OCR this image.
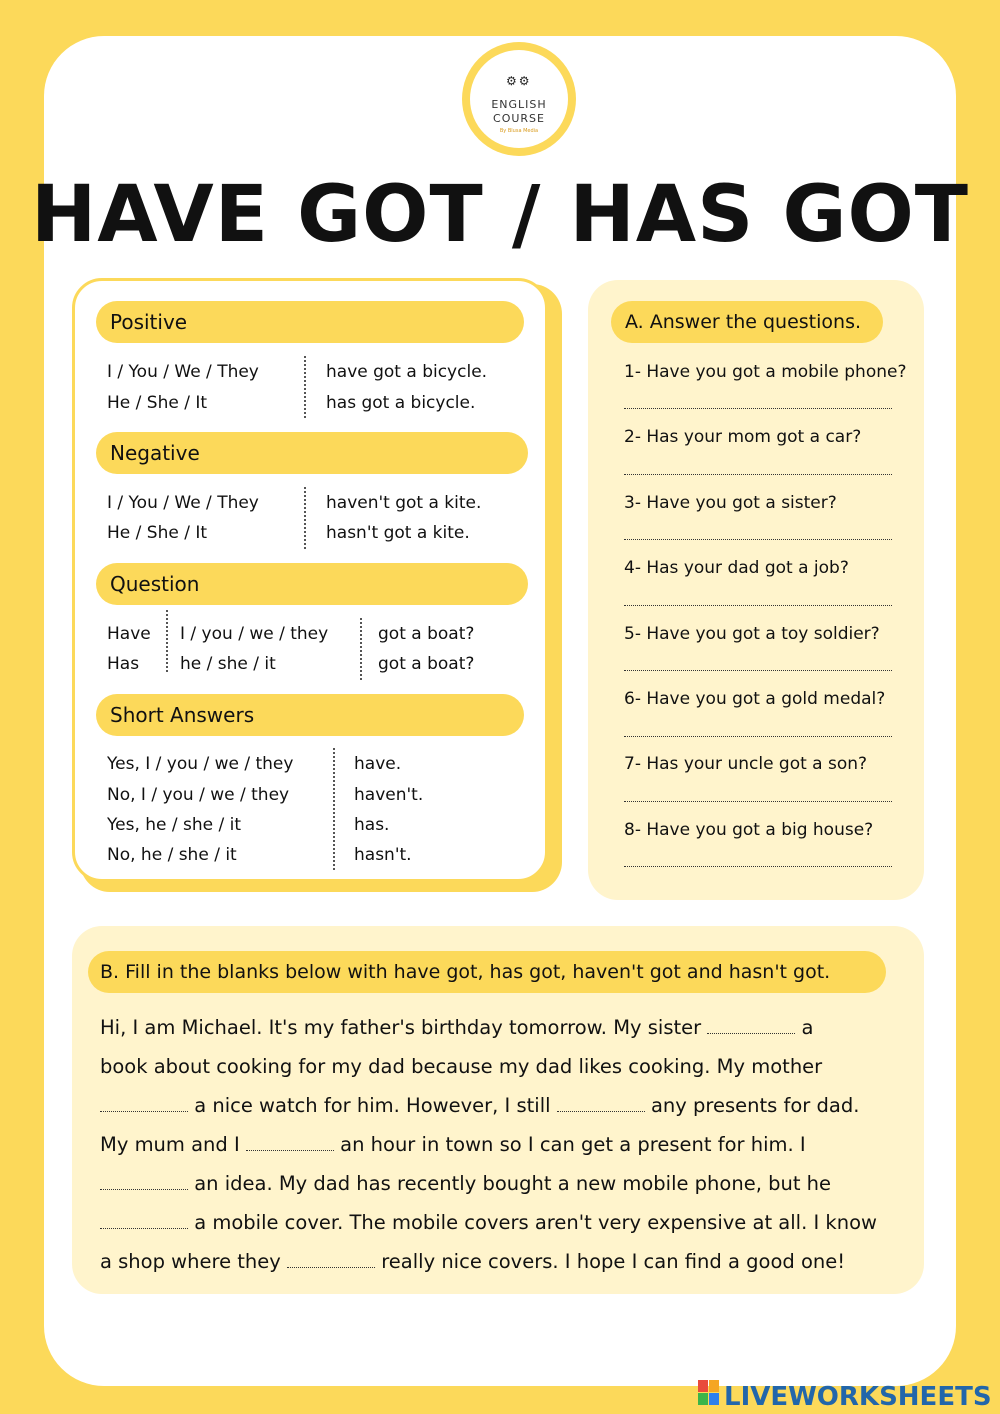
⚙⚙
ENGLISH
COURSE
By Blusa Media
HAVE GOT / HAS GOT
Positive
I / You / We / They	have got a bicycle.
He / She / It	has got a bicycle.
Negative
I / You / We / They	haven't got a kite.
He / She / It	hasn't got a kite.
Question
Have I / you / we / they	got a boat?
Has he / she / it	got a boat?
Short Answers
Yes, I / you / we / they	have.
No, I / you / we / they	haven't.
Yes, he / she / it	has.
No, he / she / it	hasn't.
A. Answer the questions.
1- Have you got a mobile phone?
2- Has your mom got a car?
3- Have you got a sister?
4- Has your dad got a job?
5- Have you got a toy soldier?
6- Have you got a gold medal?
7- Has your uncle got a son?
8- Have you got a big house?
B. Fill in the blanks below with have got, has got, haven't got and hasn't got.
Hi, I am Michael. It's my father's birthday tomorrow. My sister	a
book about cooking for my dad because my dad likes cooking. My mother
a nice watch for him. However, I still	any presents for dad.
My mum and I	an hour in town so I can get a present for him. I
an idea. My dad has recently bought a new mobile phone, but he
a mobile cover. The mobile covers aren't very expensive at all. I know
a shop where they	really nice covers. I hope I can find a good one!
LIVEWORKSHEETS
